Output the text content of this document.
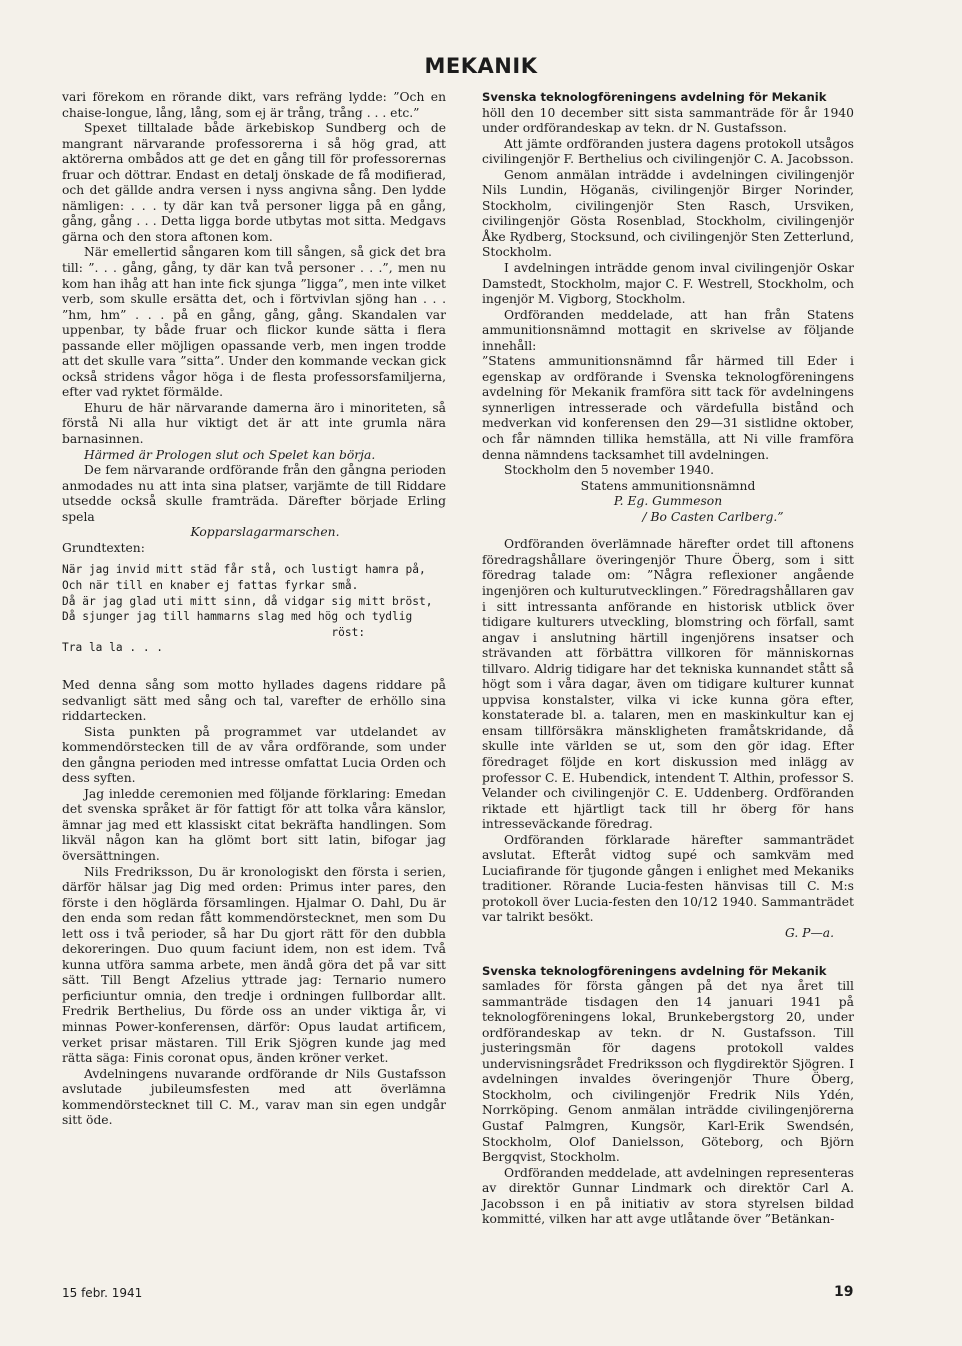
MEKANIK

vari förekom en rörande dikt, vars refräng lydde: ”Och en chaise-longue, lång, lång, som ej är trång, trång . . . etc.”

Spexet tilltalade både ärkebiskop Sundberg och de mangrant närvarande professorerna i så hög grad, att aktörerna ombådos att ge det en gång till för professorernas fruar och döttrar. Endast en detalj önskade de få modifierad, och det gällde andra versen i nyss angivna sång. Den lydde nämligen: . . . ty där kan två personer ligga på en gång, gång, gång . . . Detta ligga borde utbytas mot sitta. Medgavs gärna och den stora aftonen kom.

När emellertid sångaren kom till sången, så gick det bra till: ”. . . gång, gång, ty där kan två personer . . .”, men nu kom han ihåg att han inte fick sjunga ”ligga”, men inte vilket verb, som skulle ersätta det, och i förtvivlan sjöng han . . . ”hm, hm” . . . på en gång, gång, gång. Skandalen var uppenbar, ty både fruar och flickor kunde sätta i flera passande eller möjligen opassande verb, men ingen trodde att det skulle vara ”sitta”. Under den kommande veckan gick också stridens vågor höga i de flesta professorsfamiljerna, efter vad ryktet förmälde.

Ehuru de här närvarande damerna äro i minoriteten, så förstå Ni alla hur viktigt det är att inte grumla nära barnasinnen.

Härmed är Prologen slut och Spelet kan börja.

De fem närvarande ordförande från den gångna perioden anmodades nu att inta sina platser, varjämte de till Riddare utsedde också skulle framträda. Därefter började Erling spela

Kopparslagarmarschen.

Grundtexten:

När jag invid mitt städ får stå, och lustigt hamra på,
Och när till en knaber ej fattas fyrkar små.
Då är jag glad uti mitt sinn, då vidgar sig mitt bröst,
Då sjunger jag till hammarns slag med hög och tydlig
röst:
Tra la la . . .

Med denna sång som motto hyllades dagens riddare på sedvanligt sätt med sång och tal, varefter de erhöllo sina riddartecken.

Sista punkten på programmet var utdelandet av kommendörstecken till de av våra ordförande, som under den gångna perioden med intresse omfattat Lucia Orden och dess syften.

Jag inledde ceremonien med följande förklaring: Emedan det svenska språket är för fattigt för att tolka våra känslor, ämnar jag med ett klassiskt citat bekräfta handlingen. Som likväl någon kan ha glömt bort sitt latin, bifogar jag översättningen.

Nils Fredriksson, Du är kronologiskt den första i serien, därför hälsar jag Dig med orden: Primus inter pares, den förste i den höglärda församlingen. Hjalmar O. Dahl, Du är den enda som redan fått kommendörstecknet, men som Du lett oss i två perioder, så har Du gjort rätt för den dubbla dekoreringen. Duo quum faciunt idem, non est idem. Två kunna utföra samma arbete, men ändå göra det på var sitt sätt. Till Bengt Afzelius yttrade jag: Ternario numero perficiuntur omnia, den tredje i ordningen fullbordar allt. Fredrik Berthelius, Du förde oss an under viktiga år, vi minnas Power-konferensen, därför: Opus laudat artificem, verket prisar mästaren. Till Erik Sjögren kunde jag med rätta säga: Finis coronat opus, änden kröner verket.

Avdelningens nuvarande ordförande dr Nils Gustafsson avslutade jubileumsfesten med att överlämna kommendörstecknet till C. M., varav man sin egen undgår sitt öde.

Svenska teknologföreningens avdelning för Mekanik

höll den 10 december sitt sista sammanträde för år 1940 under ordförandeskap av tekn. dr N. Gustafsson.

Att jämte ordföranden justera dagens protokoll utsågos civilingenjör F. Berthelius och civilingenjör C. A. Jacobsson.

Genom anmälan inträdde i avdelningen civilingenjör Nils Lundin, Höganäs, civilingenjör Birger Norinder, Stockholm, civilingenjör Sten Rasch, Ursviken, civilingenjör Gösta Rosenblad, Stockholm, civilingenjör Åke Rydberg, Stocksund, och civilingenjör Sten Zetterlund, Stockholm.

I avdelningen inträdde genom inval civilingenjör Oskar Damstedt, Stockholm, major C. F. Westrell, Stockholm, och ingenjör M. Vigborg, Stockholm.

Ordföranden meddelade, att han från Statens ammunitionsnämnd mottagit en skrivelse av följande innehåll:

”Statens ammunitionsnämnd får härmed till Eder i egenskap av ordförande i Svenska teknologföreningens avdelning för Mekanik framföra sitt tack för avdelningens synnerligen intresserade och värdefulla bistånd och medverkan vid konferensen den 29—31 sistlidne oktober, och får nämnden tillika hemställa, att Ni ville framföra denna nämndens tacksamhet till avdelningen.

Stockholm den 5 november 1940.

Statens ammunitionsnämnd

P. Eg. Gummeson

/ Bo Casten Carlberg.”

Ordföranden överlämnade härefter ordet till aftonens föredragshållare överingenjör Thure Öberg, som i sitt föredrag talade om: ”Några reflexioner angående ingenjören och kulturutvecklingen.” Föredragshållaren gav i sitt intressanta anförande en historisk utblick över tidigare kulturers utveckling, blomstring och förfall, samt angav i anslutning härtill ingenjörens insatser och strävanden att förbättra villkoren för människornas tillvaro. Aldrig tidigare har det tekniska kunnandet stått så högt som i våra dagar, även om tidigare kulturer kunnat uppvisa konstalster, vilka vi icke kunna göra efter, konstaterade bl. a. talaren, men en maskinkultur kan ej ensam tillförsäkra mänskligheten framåtskridande, då skulle inte världen se ut, som den gör idag. Efter föredraget följde en kort diskussion med inlägg av professor C. E. Hubendick, intendent T. Althin, professor S. Velander och civilingenjör C. E. Uddenberg. Ordföranden riktade ett hjärtligt tack till hr öberg för hans intresseväckande föredrag.

Ordföranden förklarade härefter sammanträdet avslutat. Efteråt vidtog supé och samkväm med Luciafirande för tjugonde gången i enlighet med Mekaniks traditioner. Rörande Lucia-festen hänvisas till C. M:s protokoll över Lucia-festen den 10/12 1940. Sammanträdet var talrikt besökt.

G. P—a.

Svenska teknologföreningens avdelning för Mekanik

samlades för första gången på det nya året till sammanträde tisdagen den 14 januari 1941 på teknologföreningens lokal, Brunkebergstorg 20, under ordförandeskap av tekn. dr N. Gustafsson. Till justeringsmän för dagens protokoll valdes undervisningsrådet Fredriksson och flygdirektör Sjögren. I avdelningen invaldes överingenjör Thure Öberg, Stockholm, och civilingenjör Fredrik Nils Ydén, Norrköping. Genom anmälan inträdde civilingenjörerna Gustaf Palmgren, Kungsör, Karl-Erik Swendsén, Stockholm, Olof Danielsson, Göteborg, och Björn Bergqvist, Stockholm.

Ordföranden meddelade, att avdelningen representeras av direktör Gunnar Lindmark och direktör Carl A. Jacobsson i en på initiativ av stora styrelsen bildad kommitté, vilken har att avge utlåtande över ”Betänkan-

15 febr. 1941	19
